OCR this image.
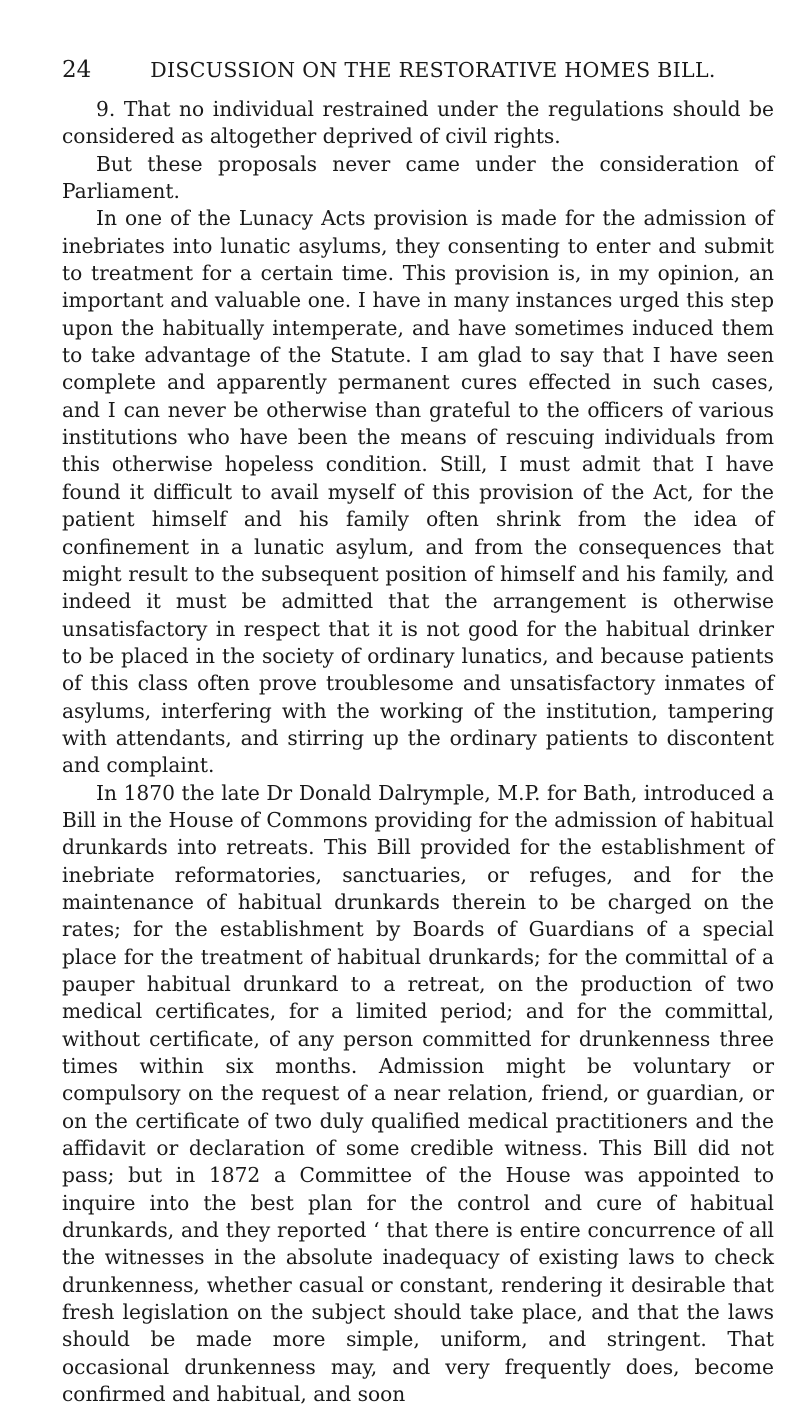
24	DISCUSSION ON THE RESTORATIVE HOMES BILL.

9. That no individual restrained under the regulations should be considered as altogether deprived of civil rights.

But these proposals never came under the consideration of Parliament.

In one of the Lunacy Acts provision is made for the admission of inebriates into lunatic asylums, they consenting to enter and submit to treatment for a certain time. This provision is, in my opinion, an important and valuable one. I have in many instances urged this step upon the habitually intemperate, and have sometimes induced them to take advantage of the Statute. I am glad to say that I have seen complete and apparently permanent cures effected in such cases, and I can never be otherwise than grateful to the officers of various institutions who have been the means of rescuing individuals from this otherwise hopeless condition. Still, I must admit that I have found it difficult to avail myself of this provision of the Act, for the patient himself and his family often shrink from the idea of confinement in a lunatic asylum, and from the consequences that might result to the subsequent position of himself and his family, and indeed it must be admitted that the arrangement is otherwise unsatisfactory in respect that it is not good for the habitual drinker to be placed in the society of ordinary lunatics, and because patients of this class often prove troublesome and unsatisfactory inmates of asylums, interfering with the working of the institution, tampering with attendants, and stirring up the ordinary patients to discontent and complaint.

In 1870 the late Dr Donald Dalrymple, M.P. for Bath, introduced a Bill in the House of Commons providing for the admission of habitual drunkards into retreats. This Bill provided for the establishment of inebriate reformatories, sanctuaries, or refuges, and for the maintenance of habitual drunkards therein to be charged on the rates; for the establishment by Boards of Guardians of a special place for the treatment of habitual drunkards; for the committal of a pauper habitual drunkard to a retreat, on the production of two medical certificates, for a limited period; and for the committal, without certificate, of any person committed for drunkenness three times within six months. Admission might be voluntary or compulsory on the request of a near relation, friend, or guardian, or on the certificate of two duly qualified medical practitioners and the affidavit or declaration of some credible witness. This Bill did not pass; but in 1872 a Committee of the House was appointed to inquire into the best plan for the control and cure of habitual drunkards, and they reported ‘ that there is entire concurrence of all the witnesses in the absolute inadequacy of existing laws to check drunkenness, whether casual or constant, rendering it desirable that fresh legislation on the subject should take place, and that the laws should be made more simple, uniform, and stringent. That occasional drunkenness may, and very frequently does, become confirmed and habitual, and soon
